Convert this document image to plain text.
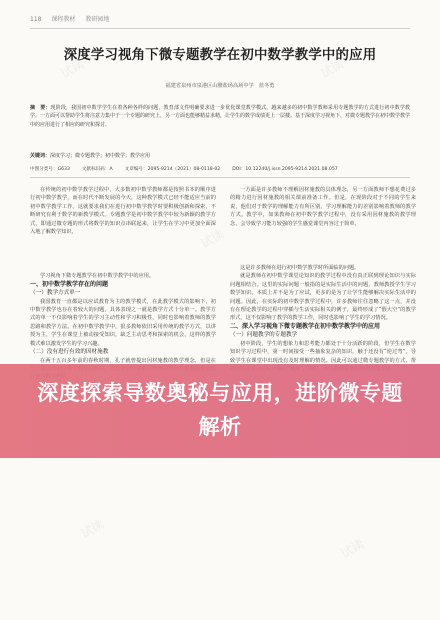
118 课程教材 教研园地
深度学习视角下微专题教学在初中数学教学中的应用
福建省泉州市泉港区山腰盐场高场中学　蓝冬勇
摘　要：现阶段，我国初中数学学生在着各种各样的问题，教育部文件明确要求进一步优化课堂教学模式。越来越多的初中数学教师采用专题教学的方式进行初中数学教学。一方面可以帮助学生将注意力集中于一个专题的研究上，另一方面也能够精益求精，让学生的数学成绩更上一层楼。基于深度学习视角下，对微专题教学在初中数学教学中的应用进行了相应的研究和探讨。
关键词：深度学习；微专题教学；初中数学；教学应用
中图分类号：G633	文献标识码：A	文章编号：2095-9214（2021）08-0118-02	DOI：10.12240/j.issn.2095-9214.2021.08.057

在传统的初中数学教学过程中，大多数初中数学教师都是按照书本的顺序进行初中数学教学，而在时代不断发展的今天，这种教学模式已经不能适应当前的初中数学教学工作。这就要求我们在进行初中数学教学时要积极创新和探索，不断研究有利于数学的新教学模式。专题教学是初中数学教学中较为新颖的教学方式，即通过微专题的形式将数学的知识点串联起来，让学生在学习中更加全面深入地了解数学知识，

学习视角下微专题教学在初中数学教学中的应用。

一、初中数学教学存在的问题

（一）教学方式单一

我国教育一直都是以应试教育为主的教学模式，在此教学模式的影响下，初中数学教学也存在着较大的问题，具体表现之一就是教学方式十分单一。教学方式的单一不仅影响着学生的学习主动性和学习积极性，同时也影响着教师的教学思路和教学方法。在初中数学教学中，很多教师依旧采用传统的教学方式，以讲授为主，学生在课堂上被动接受知识，缺乏主动思考和探索的机会，这样的教学模式难以激发学生的学习兴趣。

（二）没有进行有效的因材施教

在两千五百多年前的春秋时期，孔子就曾提出因材施教的教学理念，但是在

一方面是许多教师不理解因材施教的具体理念，另一方面教师不想花费过多的精力进行因材施教的相关课前准备工作。但是，在现阶段对于不同的学生来说，他们对于数学的理解能力有所区别，学习理解能力的差别影响着教师的教学方式。教学中，如果教师在初中数学教学过程中，没有采用因材施教的教学理念，会导致学习能力较强的学生感觉课堂内容过于简单，

这是许多教师在进行初中数学教学时所面临的问题。

就是教师在初中数学课堂论知识的教学过程中没有真正联到理论知识与实际问题相结合。这里的实际问题一般指的是实际生活中的问题，教师教授学生学习数学知识，本质上并不是为了应试，更多的是为了让学生能够解决实际生活中的问题。因此，在实际的初中数学教学过程中，许多教师往往忽略了这一点，并没有在理论教学的过程中穿插与生活实际相关的例子，最终形成了“假大空”的教学形式，这不仅影响了教学的教学工作，同时也影响了学生的学习情况。

二、深入学习视角下微专题教学在初中数学教学中的应用

（一）问题教学的专题教学

初中阶段，学生的想象力和思考能力都处于十分活跃的阶段，但学生在数学知识学习过程中，第一时间接受一些抽象复杂的知识，触于还没有“逆过弯”，导致学生在课堂中出现没有及时理解的情况。因此可以通过微专题教学的方式，帮

试读	试读
试读
试读
试读
深度探索导数奥秘与应用，进阶微专题解析
